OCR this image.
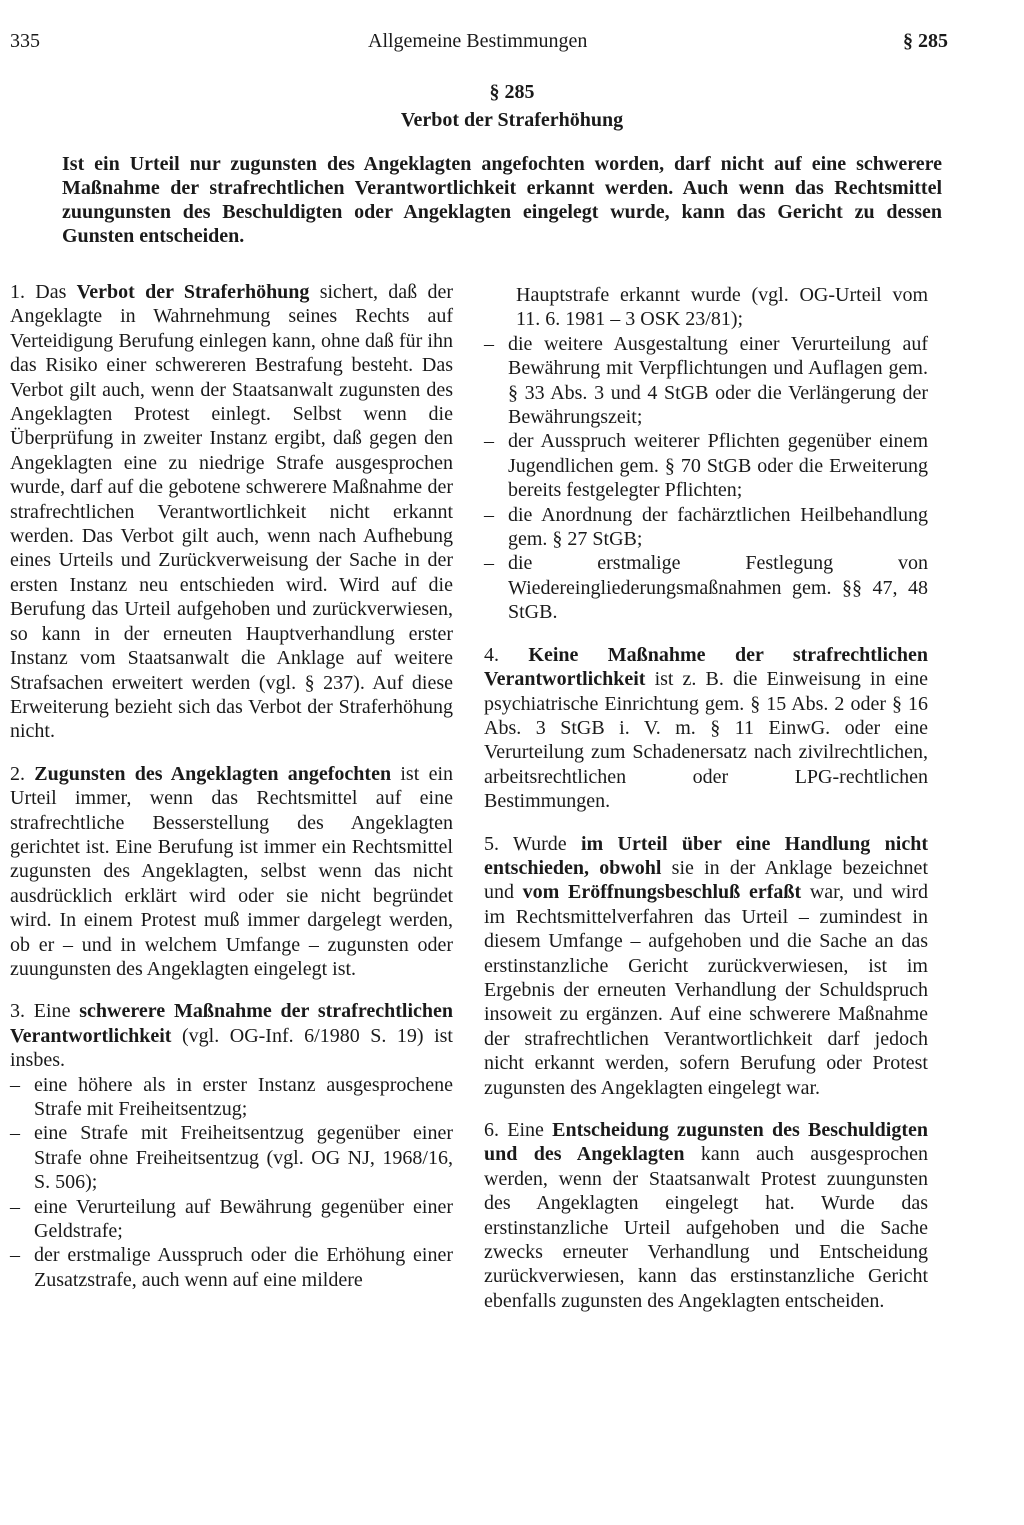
335	Allgemeine Bestimmungen	§ 285
§ 285
Verbot der Straferhöhung
Ist ein Urteil nur zugunsten des Angeklagten angefochten worden, darf nicht auf eine schwerere Maßnahme der strafrechtlichen Verantwortlichkeit erkannt werden. Auch wenn das Rechtsmittel zuungunsten des Beschuldigten oder Angeklagten eingelegt wurde, kann das Gericht zu dessen Gunsten entscheiden.

1. Das Verbot der Straferhöhung sichert, daß der Angeklagte in Wahrnehmung seines Rechts auf Verteidigung Berufung einlegen kann, ohne daß für ihn das Risiko einer schwereren Bestrafung besteht. Das Verbot gilt auch, wenn der Staatsanwalt zugunsten des Angeklagten Protest einlegt. Selbst wenn die Überprüfung in zweiter Instanz ergibt, daß gegen den Angeklagten eine zu niedrige Strafe ausgesprochen wurde, darf auf die gebotene schwerere Maßnahme der strafrechtlichen Verantwortlichkeit nicht erkannt werden. Das Verbot gilt auch, wenn nach Aufhebung eines Urteils und Zurückverweisung der Sache in der ersten Instanz neu entschieden wird. Wird auf die Berufung das Urteil aufgehoben und zurückverwiesen, so kann in der erneuten Hauptverhandlung erster Instanz vom Staatsanwalt die Anklage auf weitere Strafsachen erweitert werden (vgl. § 237). Auf diese Erweiterung bezieht sich das Verbot der Straferhöhung nicht.

2. Zugunsten des Angeklagten angefochten ist ein Urteil immer, wenn das Rechtsmittel auf eine strafrechtliche Besserstellung des Angeklagten gerichtet ist. Eine Berufung ist immer ein Rechtsmittel zugunsten des Angeklagten, selbst wenn das nicht ausdrücklich erklärt wird oder sie nicht begründet wird. In einem Protest muß immer dargelegt werden, ob er – und in welchem Umfange – zugunsten oder zuungunsten des Angeklagten eingelegt ist.

3. Eine schwerere Maßnahme der strafrechtlichen Verantwortlichkeit (vgl. OG-Inf. 6/1980 S. 19) ist insbes.

– eine höhere als in erster Instanz ausgesprochene Strafe mit Freiheitsentzug;
– eine Strafe mit Freiheitsentzug gegenüber einer Strafe ohne Freiheitsentzug (vgl. OG NJ, 1968/16, S. 506);
– eine Verurteilung auf Bewährung gegenüber einer Geldstrafe;
– der erstmalige Ausspruch oder die Erhöhung einer Zusatzstrafe, auch wenn auf eine mildere
Hauptstrafe erkannt wurde (vgl. OG-Urteil vom 11. 6. 1981 – 3 OSK 23/81);
– die weitere Ausgestaltung einer Verurteilung auf Bewährung mit Verpflichtungen und Auflagen gem. § 33 Abs. 3 und 4 StGB oder die Verlängerung der Bewährungszeit;
– der Ausspruch weiterer Pflichten gegenüber einem Jugendlichen gem. § 70 StGB oder die Erweiterung bereits festgelegter Pflichten;
– die Anordnung der fachärztlichen Heilbehandlung gem. § 27 StGB;
– die erstmalige Festlegung von Wiedereingliederungsmaßnahmen gem. §§ 47, 48 StGB.

4. Keine Maßnahme der strafrechtlichen Verantwortlichkeit ist z. B. die Einweisung in eine psychiatrische Einrichtung gem. § 15 Abs. 2 oder § 16 Abs. 3 StGB i. V. m. § 11 EinwG. oder eine Verurteilung zum Schadenersatz nach zivilrechtlichen, arbeitsrechtlichen oder LPG-rechtlichen Bestimmungen.

5. Wurde im Urteil über eine Handlung nicht entschieden, obwohl sie in der Anklage bezeichnet und vom Eröffnungsbeschluß erfaßt war, und wird im Rechtsmittelverfahren das Urteil – zumindest in diesem Umfange – aufgehoben und die Sache an das erstinstanzliche Gericht zurückverwiesen, ist im Ergebnis der erneuten Verhandlung der Schuldspruch insoweit zu ergänzen. Auf eine schwerere Maßnahme der strafrechtlichen Verantwortlichkeit darf jedoch nicht erkannt werden, sofern Berufung oder Protest zugunsten des Angeklagten eingelegt war.

6. Eine Entscheidung zugunsten des Beschuldigten und des Angeklagten kann auch ausgesprochen werden, wenn der Staatsanwalt Protest zuungunsten des Angeklagten eingelegt hat. Wurde das erstinstanzliche Urteil aufgehoben und die Sache zwecks erneuter Verhandlung und Entscheidung zurückverwiesen, kann das erstinstanzliche Gericht ebenfalls zugunsten des Angeklagten entscheiden.
